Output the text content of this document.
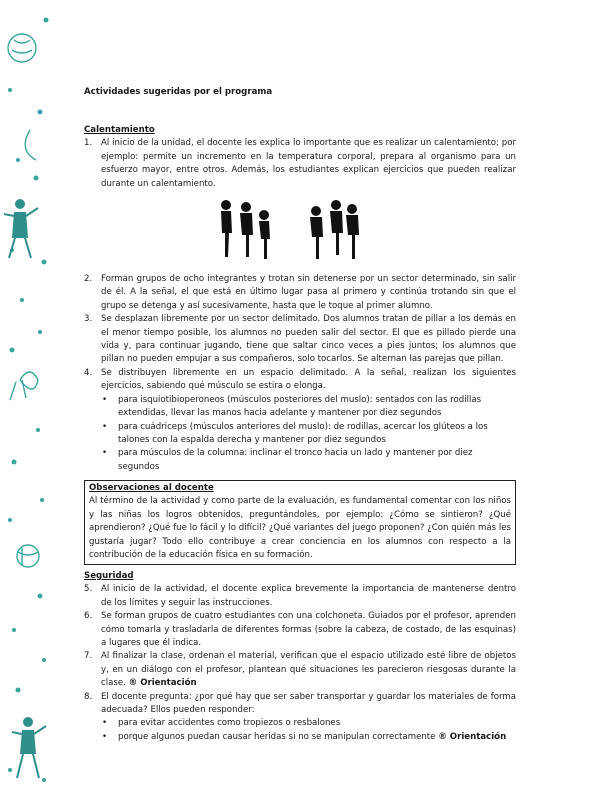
Actividades sugeridas por el programa
Calentamiento
1.	Al inicio de la unidad, el docente les explica lo importante que es realizar un calentamiento; por ejemplo: permite un incremento en la temperatura corporal, prepara al organismo para un esfuerzo mayor, entre otros. Además, los estudiantes explican ejercicios que pueden realizar durante un calentamiento.
2.	Forman grupos de ocho integrantes y trotan sin detenerse por un sector determinado, sin salir de él. A la señal, el que está en último lugar pasa al primero y continúa trotando sin que el grupo se detenga y así sucesivamente, hasta que le toque al primer alumno.
3.	Se desplazan libremente por un sector delimitado. Dos alumnos tratan de pillar a los demás en el menor tiempo posible, los alumnos no pueden salir del sector. El que es pillado pierde una vida y, para continuar jugando, tiene que saltar cinco veces a pies juntos; los alumnos que pillan no pueden empujar a sus compañeros, solo tocarlos. Se alternan las parejas que pillan.
4.	Se distribuyen libremente en un espacio delimitado. A la señal, realizan los siguientes ejercicios, sabiendo qué músculo se estira o elonga.
•
para isquiotibioperoneos (músculos posteriores del muslo): sentados con las rodillas extendidas, llevar las manos hacia adelante y mantener por diez segundos
•
para cuádriceps (músculos anteriores del muslo): de rodillas, acercar los glúteos a los talones con la espalda derecha y mantener por diez segundos
•
para músculos de la columna: inclinar el tronco hacia un lado y mantener por diez segundos
Observaciones al docente
Al término de la actividad y como parte de la evaluación, es fundamental comentar con los niños y las niñas los logros obtenidos, preguntándoles, por ejemplo: ¿Cómo se sintieron? ¿Qué aprendieron? ¿Qué fue lo fácil y lo difícil? ¿Qué variantes del juego proponen? ¿Con quién más les gustaría jugar? Todo ello contribuye a crear conciencia en los alumnos con respecto a la contribución de la educación física en su formación.
Seguridad
5.	Al inicio de la actividad, el docente explica brevemente la importancia de mantenerse dentro de los límites y seguir las instrucciones.
6.	Se forman grupos de cuatro estudiantes con una colchoneta. Guiados por el profesor, aprenden cómo tomarla y trasladarla de diferentes formas (sobre la cabeza, de costado, de las esquinas) a lugares que él indica.
7.	Al finalizar la clase, ordenan el material, verifican que el espacio utilizado esté libre de objetos y, en un diálogo con el profesor, plantean qué situaciones les parecieron riesgosas durante la clase. ® Orientación
8.	El docente pregunta: ¿por qué hay que ser saber transportar y guardar los materiales de forma adecuada? Ellos pueden responder:
•
para evitar accidentes como tropiezos o resbalones
•
porque algunos puedan causar heridas si no se manipulan correctamente ® Orientación
